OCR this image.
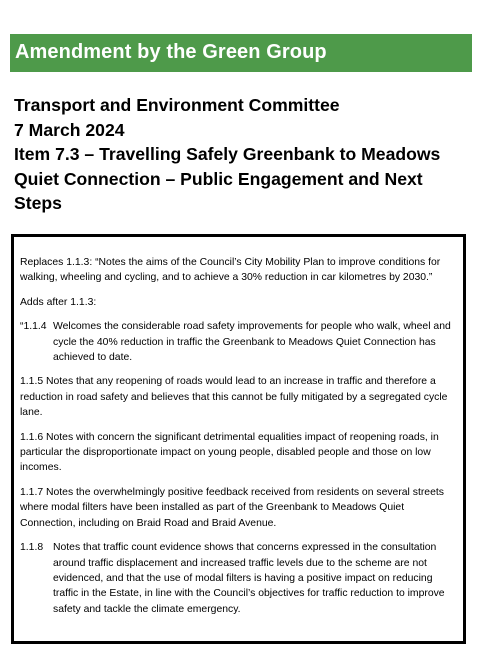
Amendment by the Green Group
Transport and Environment Committee
7 March 2024
Item 7.3 – Travelling Safely Greenbank to Meadows
Quiet Connection – Public Engagement and Next
Steps

Replaces 1.1.3: “Notes the aims of the Council’s City Mobility Plan to improve conditions for walking, wheeling and cycling, and to achieve a 30% reduction in car kilometres by 2030.”

Adds after 1.1.3:

“1.1.4 Welcomes the considerable road safety improvements for people who walk, wheel and cycle the 40% reduction in traffic the Greenbank to Meadows Quiet Connection has achieved to date.
1.1.5 Notes that any reopening of roads would lead to an increase in traffic and therefore a reduction in road safety and believes that this cannot be fully mitigated by a segregated cycle lane.
1.1.6 Notes with concern the significant detrimental equalities impact of reopening roads, in particular the disproportionate impact on young people, disabled people and those on low incomes.
1.1.7 Notes the overwhelmingly positive feedback received from residents on several streets where modal filters have been installed as part of the Greenbank to Meadows Quiet Connection, including on Braid Road and Braid Avenue.
1.1.8 Notes that traffic count evidence shows that concerns expressed in the consultation around traffic displacement and increased traffic levels due to the scheme are not evidenced, and that the use of modal filters is having a positive impact on reducing traffic in the Estate, in line with the Council’s objectives for traffic reduction to improve safety and tackle the climate emergency.
